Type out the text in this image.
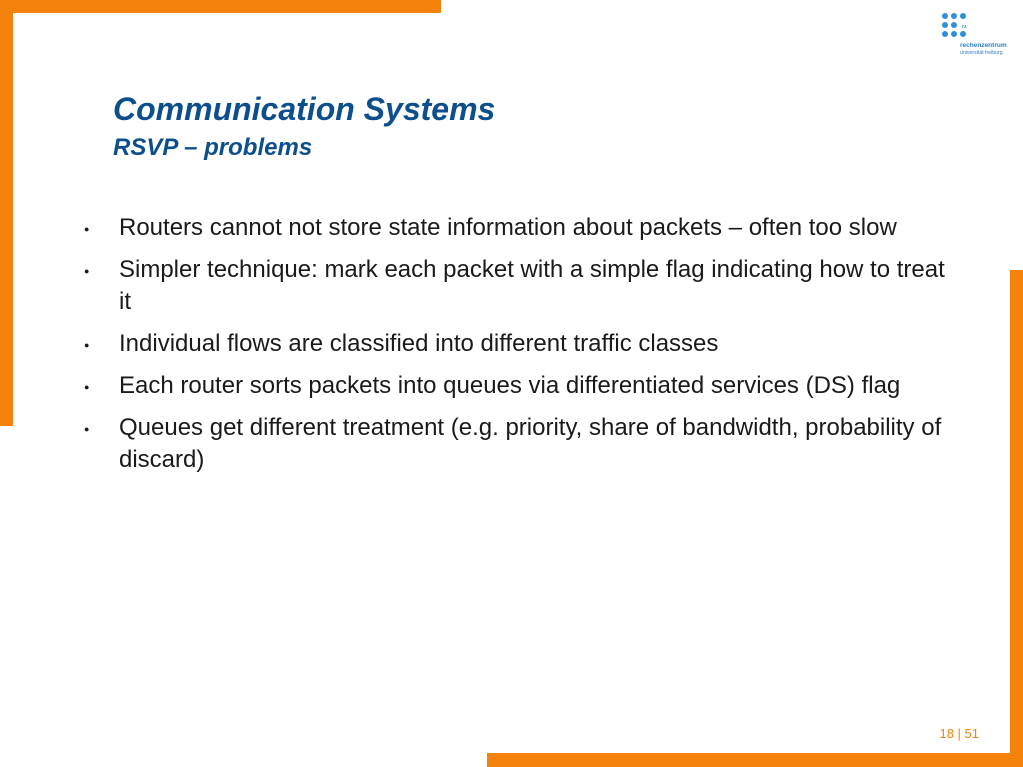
rz
rechenzentrum
universität freiburg
Communication Systems
RSVP – problems
● Routers cannot not store state information about packets – often too slow
● Simpler technique: mark each packet with a simple flag indicating how to treat it
● Individual flows are classified into different traffic classes
● Each router sorts packets into queues via differentiated services (DS) flag
● Queues get different treatment (e.g. priority, share of bandwidth, probability of discard)
18 | 51
